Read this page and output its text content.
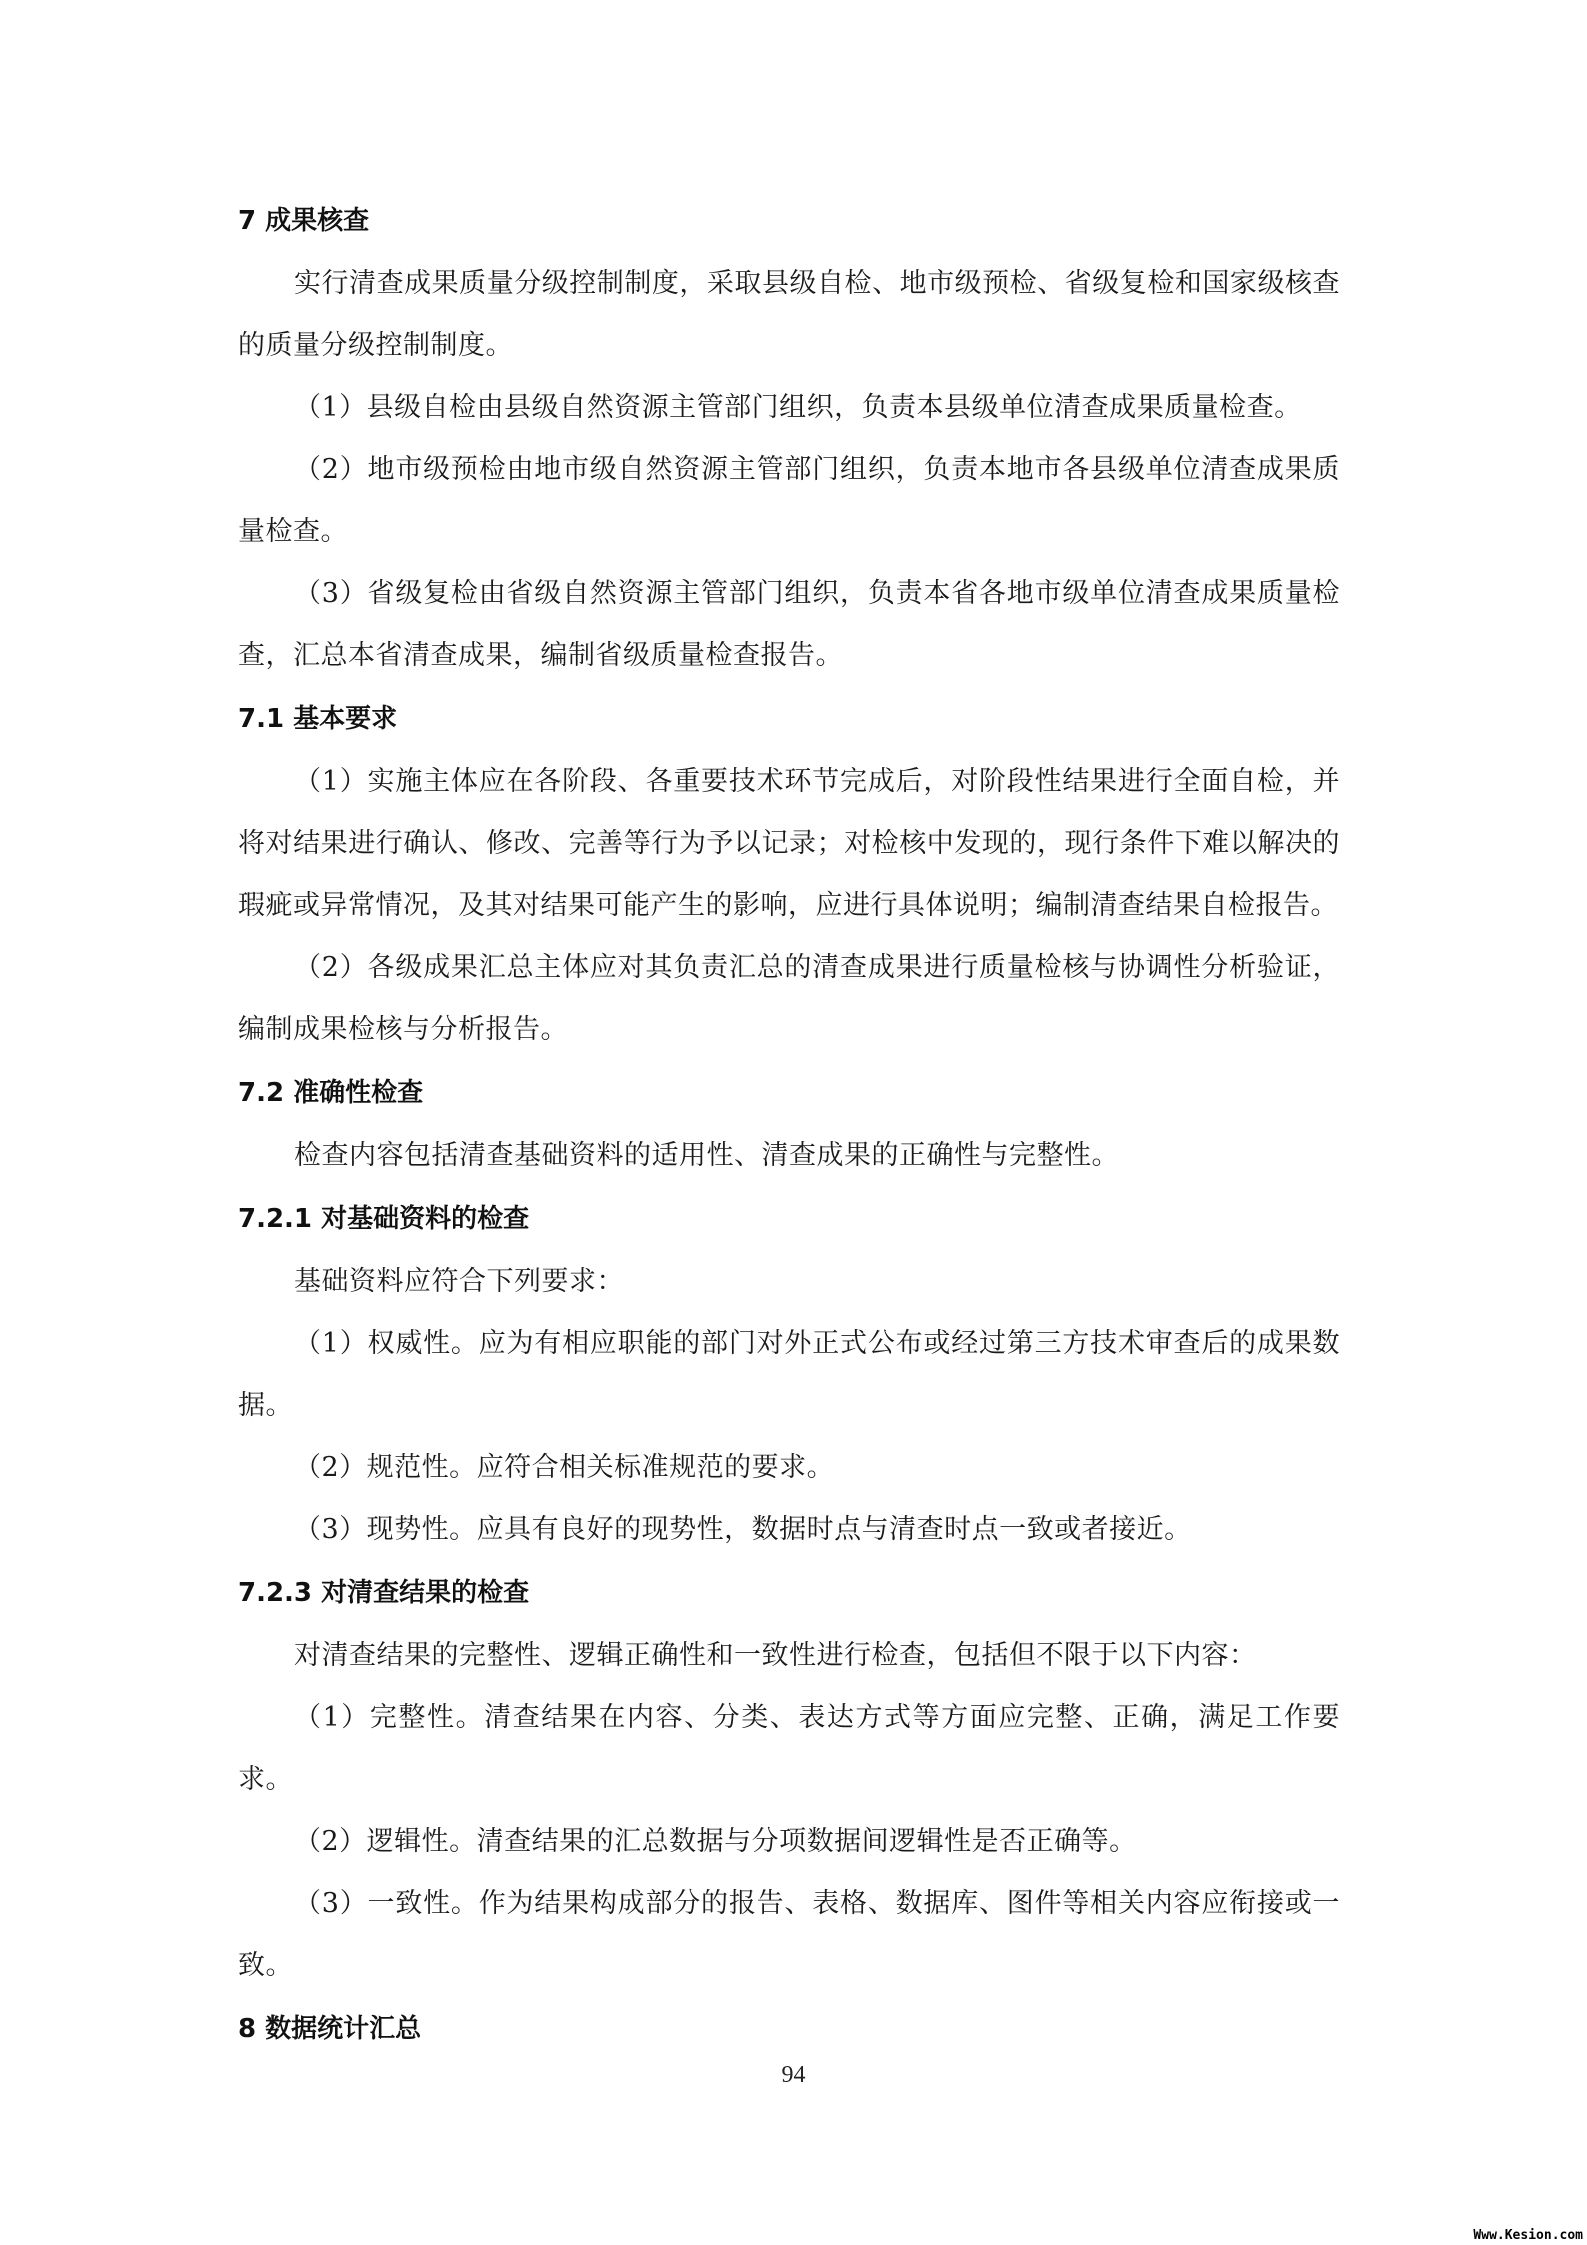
7 成果核查

实行清查成果质量分级控制制度，采取县级自检、地市级预检、省级复检和国家级核查的质量分级控制制度。

（1）县级自检由县级自然资源主管部门组织，负责本县级单位清查成果质量检查。

（2）地市级预检由地市级自然资源主管部门组织，负责本地市各县级单位清查成果质量检查。

（3）省级复检由省级自然资源主管部门组织，负责本省各地市级单位清查成果质量检查，汇总本省清查成果，编制省级质量检查报告。

7.1 基本要求

（1）实施主体应在各阶段、各重要技术环节完成后，对阶段性结果进行全面自检，并将对结果进行确认、修改、完善等行为予以记录；对检核中发现的，现行条件下难以解决的瑕疵或异常情况，及其对结果可能产生的影响，应进行具体说明；编制清查结果自检报告。

（2）各级成果汇总主体应对其负责汇总的清查成果进行质量检核与协调性分析验证，编制成果检核与分析报告。

7.2 准确性检查

检查内容包括清查基础资料的适用性、清查成果的正确性与完整性。

7.2.1 对基础资料的检查

基础资料应符合下列要求：

（1）权威性。应为有相应职能的部门对外正式公布或经过第三方技术审查后的成果数据。

（2）规范性。应符合相关标准规范的要求。

（3）现势性。应具有良好的现势性，数据时点与清查时点一致或者接近。

7.2.3 对清查结果的检查

对清查结果的完整性、逻辑正确性和一致性进行检查，包括但不限于以下内容：

（1）完整性。清查结果在内容、分类、表达方式等方面应完整、正确，满足工作要求。

（2）逻辑性。清查结果的汇总数据与分项数据间逻辑性是否正确等。

（3）一致性。作为结果构成部分的报告、表格、数据库、图件等相关内容应衔接或一致。

8 数据统计汇总
94
Www.Kesion.com
